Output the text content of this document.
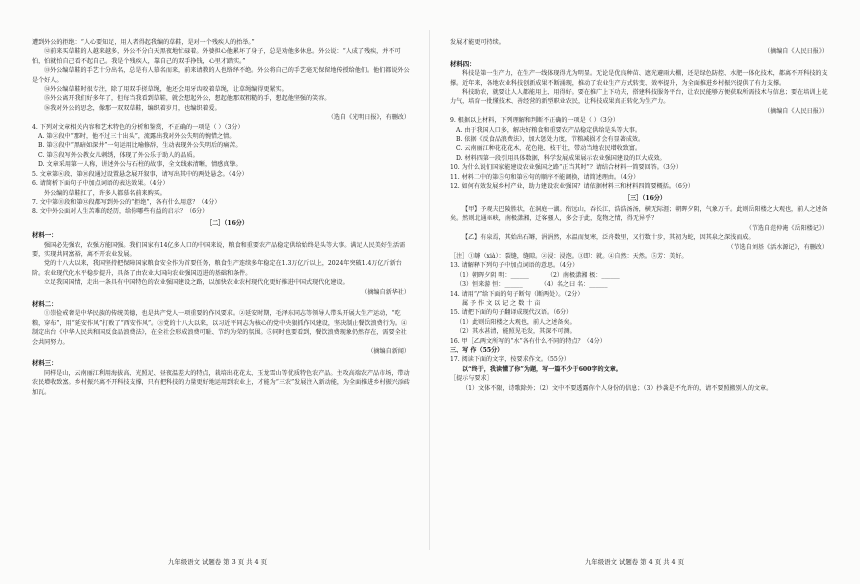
遭到外公的拒绝：“人心要知足，用人者得起我编的草鞋，是对一个残疾人的抬举。”

⑫前来买草鞋的人越来越多，外公不分白天黑夜地忙碌着。外婆担心他累坏了身子，总是劝他多休息。外公说：“人成了残疾，并不可怕，怕就怕自己看不起自己。我是个残疾人，靠自己的双手挣钱，心里才踏实。”

⑬外公编草鞋的手艺十分出名，总是有人慕名而来，前来请教的人也络绎不绝。外公将自己的手艺毫无保留地传授给他们。他们都说外公是个好人。

⑭外公编草鞋时很专注，除了用双手搓草绳，他还会用牙齿咬着草绳，让草绳编得更紧实。

⑮外公离开我们好多年了，但每当我看到草鞋，就会想起外公，想起他那双粗糙的手，想起他坚强的笑容。

⑯我对外公的思念，像那一双双草鞋，编织着岁月，也编织着爱。

（选自《光明日报》，有删改）

4. 下列对文章相关内容和艺术特色的分析和鉴赏，不正确的一项是（ ）（3分）

A. 第②段中“那时，他不过三十出头”，流露出我对外公失明的惋惜之情。

B. 第③段中“黑暗如深井”一句运用比喻修辞，生动表现外公失明后的痛苦。

C. 第⑤段写外公教女儿刺绣，体现了外公乐于助人的品质。

D. 文章采用第一人称，讲述外公与石柱的故事，全文线索清晰，情感真挚。

5. 文章第⑥段、第⑩段通过设置悬念展开叙事，请写出其中的两处悬念。（4分）

6. 请简析下面句子中加点词语的表达效果。（4分）

外公编的草鞋扛了，许多人都慕名前来购买。

7. 文中第⑪段和第⑫段都写到外公的“拒绝”，各有什么用意？（4分）

8. 文中外公面对人生苦难的经历，给你哪些有益的启示？（6分）

［二］（16分）

材料一：

强国必先强农，农强方能国强。我们国家有14亿多人口的中国来说，粮食和重要农产品稳定供给始终是头等大事。满足人民美好生活需要，实现共同富裕，离不开农业发展。

党的十八大以来，我国坚持把保障国家粮食安全作为首要任务，粮食生产连续多年稳定在1.3万亿斤以上，2024年突破1.4万亿斤新台阶。农业现代化水平稳步提升，具备了由农业大国向农业强国迈进的基础和条件。

立足我国国情，走出一条具有中国特色的农业强国建设之路，以加快农业农村现代化更好推进中国式现代化建设。

（摘编自新华社）

材料二：

①崇俭戒奢是中华民族的传统美德，也是共产党人一项重要的作风要求。②延安时期，毛泽东同志等领导人带头开展大生产运动，“吃粮，穿布”，用“延安作风”打败了“西安作风”。③党的十八大以来，以习近平同志为核心的党中央狠抓作风建设，坚决制止餐饮浪费行为。④制定出台《中华人民共和国反食品浪费法》，在全社会形成浪费可耻、节约为荣的氛围。⑤同时也要看到，餐饮浪费现象仍然存在，需要全社会共同努力。

（摘编自新闻）

材料三：

同样是山，云南丽江利用海拔高、光照足、昼夜温差大的特点，栽培出花花太、玉龙雪山等优质特色农产品。主攻高端农产品市场，带动农民增收致富。乡村振兴离不开科技支撑，只有把科技的力量更好地运用到农业上，才能为“三农”发展注入新动能，为全面推进乡村振兴添砖加瓦。

发展才能更可持续。

（摘编自《人民日报》）

材料四：

科技是第一生产力，在生产一线体现得尤为明显。无论是优良种苗、遮光避雨大棚，还是绿色防控、水肥一体化技术，都离不开科技的支撑。近年来，各地农业科技创新成果不断涌现，推动了农业生产方式转变、效率提升，为全面推进乡村振兴提供了有力支撑。

科技助农，就要让人人都能用上、用得好。要在推广上下功夫，搭建科技服务平台，让农民能够方便获取所需技术与信息；要在培训上花力气，培育一批懂技术、善经营的新型职业农民，让科技成果真正转化为生产力。

（摘编自《人民日报》）

9. 根据以上材料，下列理解和判断不正确的一项是（ ）（3分）

A. 由于我国人口多，解决好粮食和重要农产品稳定供给是头等大事。

B. 依据《反食品浪费法》，加大惩处力度，节粮减损才会有显著成效。

C. 云南丽江种花花花木，花色艳、枝干壮，带动当地农民增收致富。

D. 材料四第一段引用具体数据，科学发展成果展示农业强国建设的巨大成效。

10. 为什么说们国家能建设农业强国之路“正当其时”？请结合材料一简要回答。（3分）

11. 材料二中的第⑤句和第⑥句的顺序不能调换，请简述理由。（4分）

12. 如何有效发展乡村产业，助力建设农业强国？请依据材料三和材料四简要概括。（6分）

［三］（16分）

【甲】予观夫巴陵胜状，在洞庭一湖。衔远山，吞长江，浩浩汤汤，横无际涯；朝晖夕阴，气象万千。此则岳阳楼之大观也，前人之述备矣。然则北通巫峡，南极潇湘，迁客骚人，多会于此，览物之情，得无异乎？

（节选自范仲淹《岳阳楼记》）

【乙】有泉焉，其始出石罅，涓涓然，水温而复寒，泛舟数里，又行数十步，其初为蛇，因其泉之深浅而成。

（节选自刘基《活水源记》，有删改）

［注］①罅（xià）：裂缝，缝隙。②浸：浸泡。③即：就。④自然：天然。⑤芳：美好。

13. 请解释下列句子中加点词语的意思。（4分）

（1）朝晖夕阴 明：______	（2）南极潇湘 极：______
（3）恒来游 恒：______	（4）名之曰 名：______

14. 请用“/”给下面的句子断句（断两处）。（2分）

属 予 作 文 以 记 之 数 十 亩

15. 请把下面的句子翻译成现代汉语。（6分）

（1）此则岳阳楼之大观也，前人之述备矣。

（2）其水甚清，能照见毛发，其深不可测。

16. 甲［乙两文所写的“水”各有什么不同的特点？（4分）

三、写 作（55分）

17. 阅读下面的文字，按要求作文。（55分）

以“终于，我读懂了你”为题，写一篇不少于600字的文章。

［提示与要求］

（1）文体不限，诗歌除外；（2）文中不要透露你个人身份的信息；（3）抄袭是不允许的，请不要照搬别人的文章。

九年级语文 试题卷 第 3 页 共 4 页	九年级语文 试题卷 第 4 页 共 4 页
